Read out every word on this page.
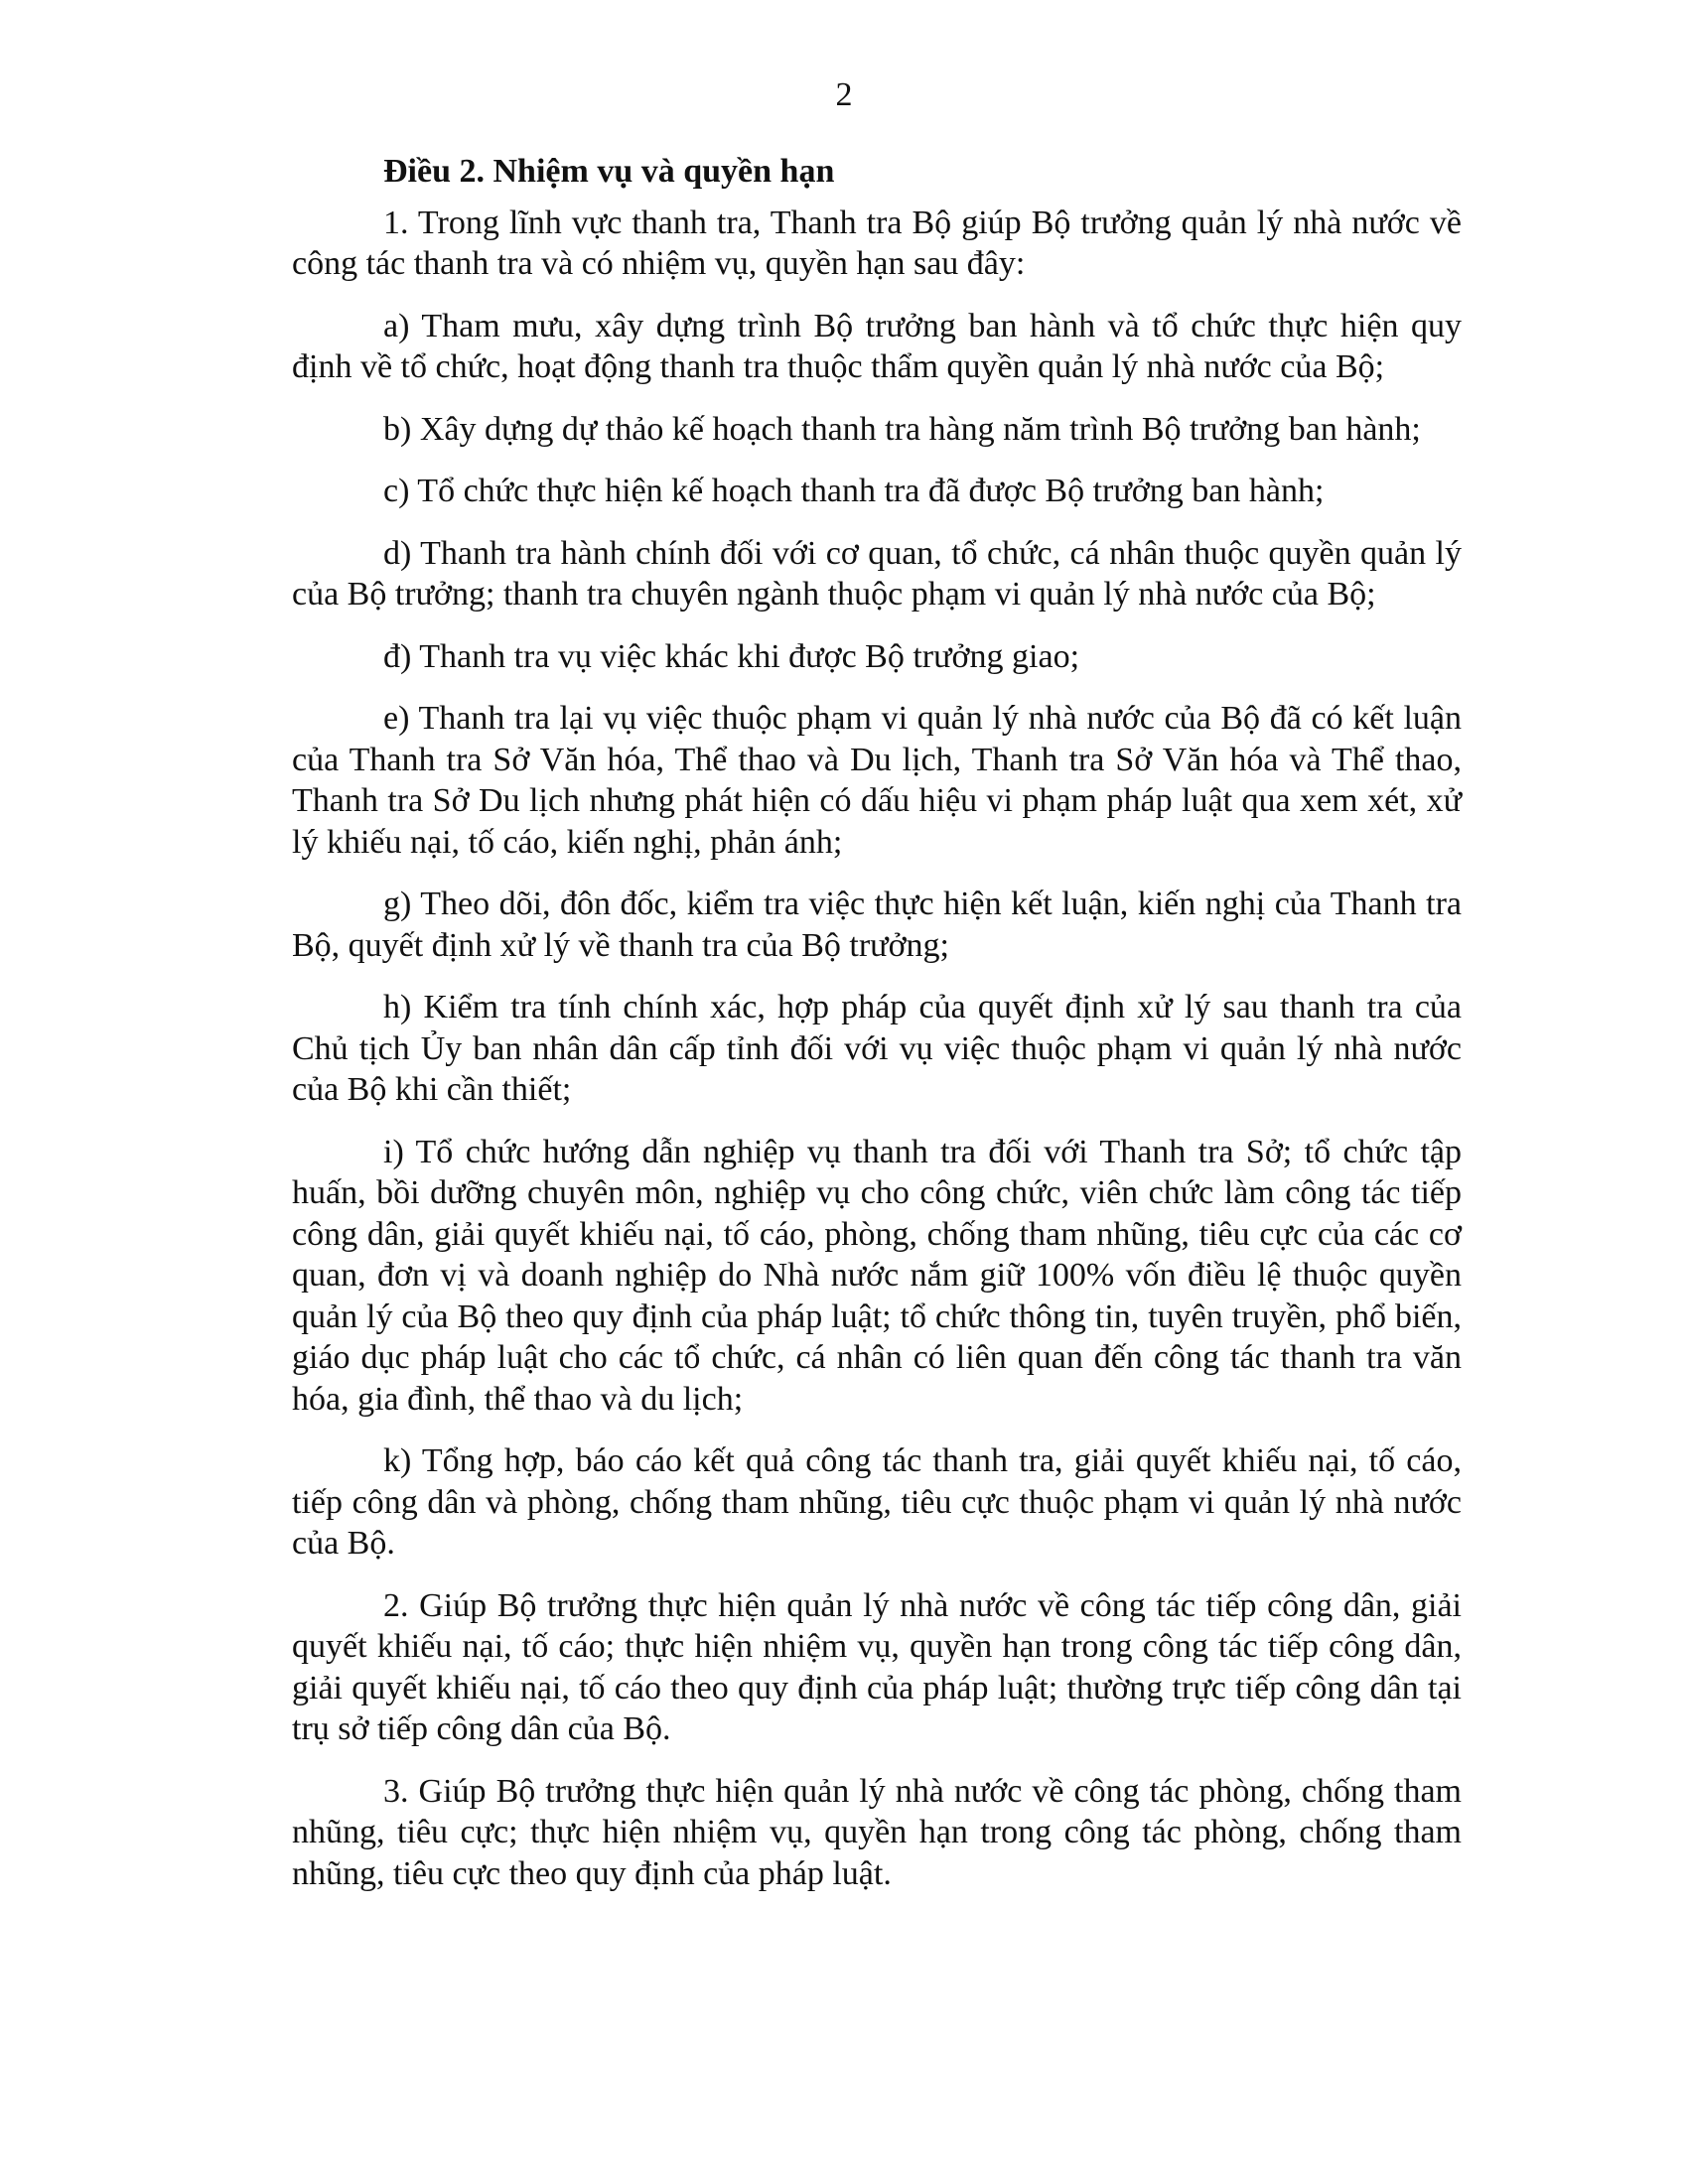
2
Điều 2. Nhiệm vụ và quyền hạn

1. Trong lĩnh vực thanh tra, Thanh tra Bộ giúp Bộ trưởng quản lý nhà nước về công tác thanh tra và có nhiệm vụ, quyền hạn sau đây:

a) Tham mưu, xây dựng trình Bộ trưởng ban hành và tổ chức thực hiện quy định về tổ chức, hoạt động thanh tra thuộc thẩm quyền quản lý nhà nước của Bộ;

b) Xây dựng dự thảo kế hoạch thanh tra hàng năm trình Bộ trưởng ban hành;

c) Tổ chức thực hiện kế hoạch thanh tra đã được Bộ trưởng ban hành;

d) Thanh tra hành chính đối với cơ quan, tổ chức, cá nhân thuộc quyền quản lý của Bộ trưởng; thanh tra chuyên ngành thuộc phạm vi quản lý nhà nước của Bộ;

đ) Thanh tra vụ việc khác khi được Bộ trưởng giao;

e) Thanh tra lại vụ việc thuộc phạm vi quản lý nhà nước của Bộ đã có kết luận của Thanh tra Sở Văn hóa, Thể thao và Du lịch, Thanh tra Sở Văn hóa và Thể thao, Thanh tra Sở Du lịch nhưng phát hiện có dấu hiệu vi phạm pháp luật qua xem xét, xử lý khiếu nại, tố cáo, kiến nghị, phản ánh;

g) Theo dõi, đôn đốc, kiểm tra việc thực hiện kết luận, kiến nghị của Thanh tra Bộ, quyết định xử lý về thanh tra của Bộ trưởng;

h) Kiểm tra tính chính xác, hợp pháp của quyết định xử lý sau thanh tra của Chủ tịch Ủy ban nhân dân cấp tỉnh đối với vụ việc thuộc phạm vi quản lý nhà nước của Bộ khi cần thiết;

i) Tổ chức hướng dẫn nghiệp vụ thanh tra đối với Thanh tra Sở; tổ chức tập huấn, bồi dưỡng chuyên môn, nghiệp vụ cho công chức, viên chức làm công tác tiếp công dân, giải quyết khiếu nại, tố cáo, phòng, chống tham nhũng, tiêu cực của các cơ quan, đơn vị và doanh nghiệp do Nhà nước nắm giữ 100% vốn điều lệ thuộc quyền quản lý của Bộ theo quy định của pháp luật; tổ chức thông tin, tuyên truyền, phổ biến, giáo dục pháp luật cho các tổ chức, cá nhân có liên quan đến công tác thanh tra văn hóa, gia đình, thể thao và du lịch;

k) Tổng hợp, báo cáo kết quả công tác thanh tra, giải quyết khiếu nại, tố cáo, tiếp công dân và phòng, chống tham nhũng, tiêu cực thuộc phạm vi quản lý nhà nước của Bộ.

2. Giúp Bộ trưởng thực hiện quản lý nhà nước về công tác tiếp công dân, giải quyết khiếu nại, tố cáo; thực hiện nhiệm vụ, quyền hạn trong công tác tiếp công dân, giải quyết khiếu nại, tố cáo theo quy định của pháp luật; thường trực tiếp công dân tại trụ sở tiếp công dân của Bộ.

3. Giúp Bộ trưởng thực hiện quản lý nhà nước về công tác phòng, chống tham nhũng, tiêu cực; thực hiện nhiệm vụ, quyền hạn trong công tác phòng, chống tham nhũng, tiêu cực theo quy định của pháp luật.
